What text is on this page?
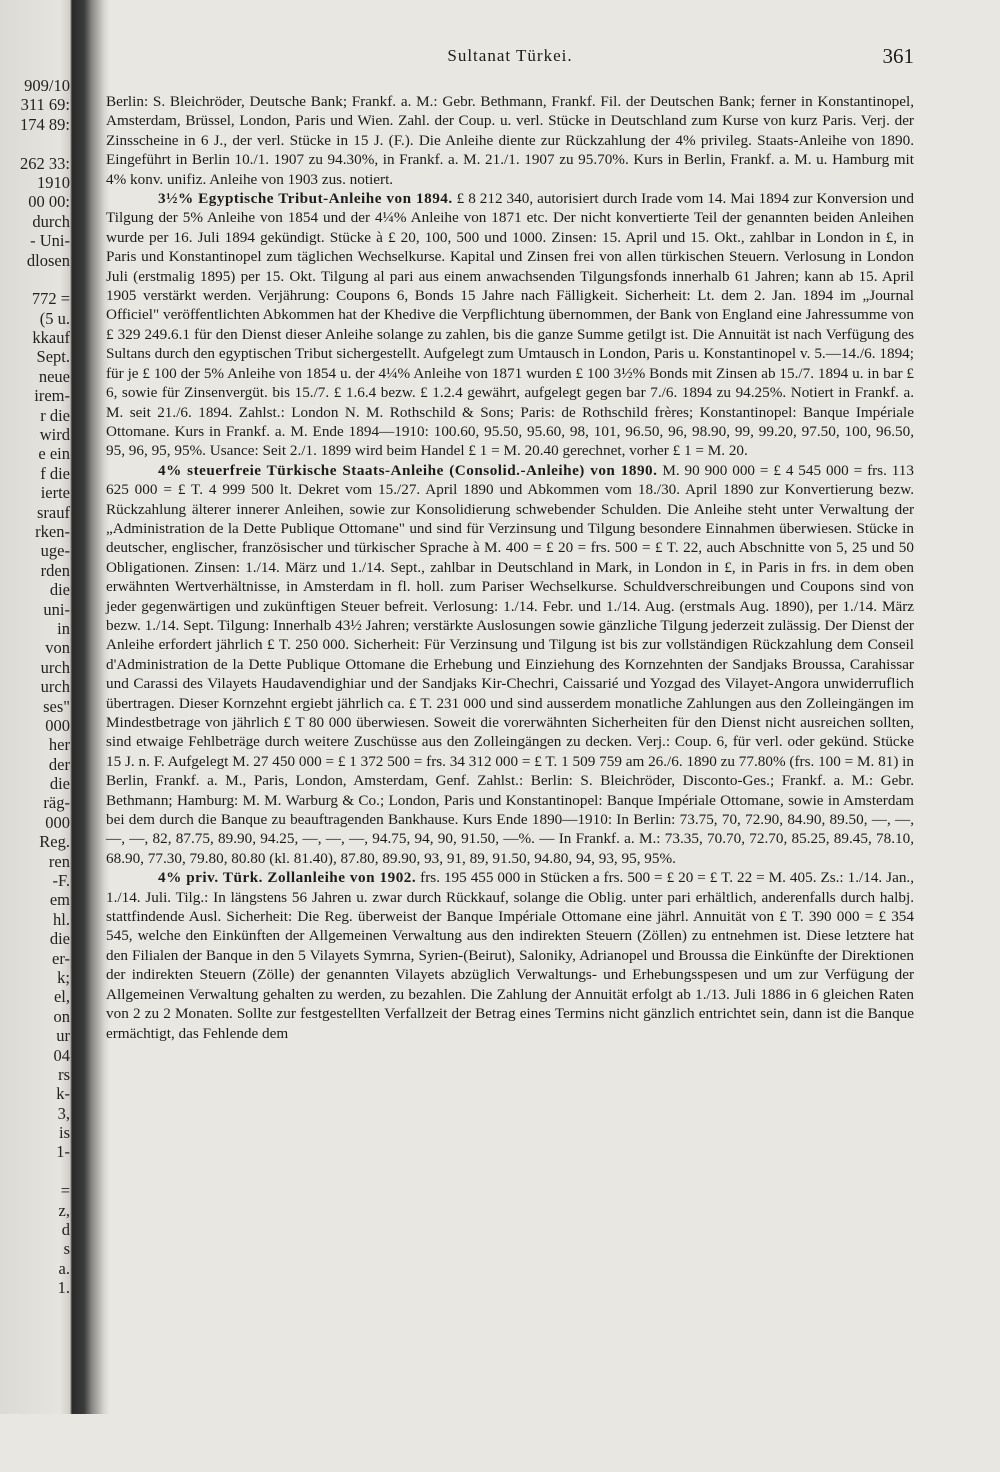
909/10
311 69:
174 89:
262 33:
1910
00 00:
durch
- Uni-
dlosen
772 =
(5 u.
kkauf
Sept.
neue
irem-
r die
wird
e ein
f die
ierte
srauf
rken-
uge-
rden
die
uni-
in
von
urch
urch
ses"
000
her
der
die
räg-
000
Reg.
ren
-F.
em
hl.
die
er-
k;
el,
on
ur
04
rs
k-
3,
is
1-
=
z,
d
s
a.
1.
Sultanat Türkei.	361

Berlin: S. Bleichröder, Deutsche Bank; Frankf. a. M.: Gebr. Bethmann, Frankf. Fil. der Deutschen Bank; ferner in Konstantinopel, Amsterdam, Brüssel, London, Paris und Wien. Zahl. der Coup. u. verl. Stücke in Deutschland zum Kurse von kurz Paris. Verj. der Zinsscheine in 6 J., der verl. Stücke in 15 J. (F.). Die Anleihe diente zur Rückzahlung der 4% privileg. Staats-Anleihe von 1890. Eingeführt in Berlin 10./1. 1907 zu 94.30%, in Frankf. a. M. 21./1. 1907 zu 95.70%. Kurs in Berlin, Frankf. a. M. u. Hamburg mit 4% konv. unifiz. Anleihe von 1903 zus. notiert.

3½% Egyptische Tribut-Anleihe von 1894. £ 8 212 340, autorisiert durch Irade vom 14. Mai 1894 zur Konversion und Tilgung der 5% Anleihe von 1854 und der 4¼% Anleihe von 1871 etc. Der nicht konvertierte Teil der genannten beiden Anleihen wurde per 16. Juli 1894 gekündigt. Stücke à £ 20, 100, 500 und 1000. Zinsen: 15. April und 15. Okt., zahlbar in London in £, in Paris und Konstantinopel zum täglichen Wechselkurse. Kapital und Zinsen frei von allen türkischen Steuern. Verlosung in London Juli (erstmalig 1895) per 15. Okt. Tilgung al pari aus einem anwachsenden Tilgungsfonds innerhalb 61 Jahren; kann ab 15. April 1905 verstärkt werden. Verjährung: Coupons 6, Bonds 15 Jahre nach Fälligkeit. Sicherheit: Lt. dem 2. Jan. 1894 im „Journal Officiel" veröffentlichten Abkommen hat der Khedive die Verpflichtung übernommen, der Bank von England eine Jahressumme von £ 329 249.6.1 für den Dienst dieser Anleihe solange zu zahlen, bis die ganze Summe getilgt ist. Die Annuität ist nach Verfügung des Sultans durch den egyptischen Tribut sichergestellt. Aufgelegt zum Umtausch in London, Paris u. Konstantinopel v. 5.—14./6. 1894; für je £ 100 der 5% Anleihe von 1854 u. der 4¼% Anleihe von 1871 wurden £ 100 3½% Bonds mit Zinsen ab 15./7. 1894 u. in bar £ 6, sowie für Zinsenvergüt. bis 15./7. £ 1.6.4 bezw. £ 1.2.4 gewährt, aufgelegt gegen bar 7./6. 1894 zu 94.25%. Notiert in Frankf. a. M. seit 21./6. 1894. Zahlst.: London N. M. Rothschild & Sons; Paris: de Rothschild frères; Konstantinopel: Banque Impériale Ottomane. Kurs in Frankf. a. M. Ende 1894—1910: 100.60, 95.50, 95.60, 98, 101, 96.50, 96, 98.90, 99, 99.20, 97.50, 100, 96.50, 95, 96, 95, 95%. Usance: Seit 2./1. 1899 wird beim Handel £ 1 = M. 20.40 gerechnet, vorher £ 1 = M. 20.

4% steuerfreie Türkische Staats-Anleihe (Consolid.-Anleihe) von 1890. M. 90 900 000 = £ 4 545 000 = frs. 113 625 000 = £ T. 4 999 500 lt. Dekret vom 15./27. April 1890 und Abkommen vom 18./30. April 1890 zur Konvertierung bezw. Rückzahlung älterer innerer Anleihen, sowie zur Konsolidierung schwebender Schulden. Die Anleihe steht unter Verwaltung der „Administration de la Dette Publique Ottomane" und sind für Verzinsung und Tilgung besondere Einnahmen überwiesen. Stücke in deutscher, englischer, französischer und türkischer Sprache à M. 400 = £ 20 = frs. 500 = £ T. 22, auch Abschnitte von 5, 25 und 50 Obligationen. Zinsen: 1./14. März und 1./14. Sept., zahlbar in Deutschland in Mark, in London in £, in Paris in frs. in dem oben erwähnten Wertverhältnisse, in Amsterdam in fl. holl. zum Pariser Wechselkurse. Schuldverschreibungen und Coupons sind von jeder gegenwärtigen und zukünftigen Steuer befreit. Verlosung: 1./14. Febr. und 1./14. Aug. (erstmals Aug. 1890), per 1./14. März bezw. 1./14. Sept. Tilgung: Innerhalb 43½ Jahren; verstärkte Auslosungen sowie gänzliche Tilgung jederzeit zulässig. Der Dienst der Anleihe erfordert jährlich £ T. 250 000. Sicherheit: Für Verzinsung und Tilgung ist bis zur vollständigen Rückzahlung dem Conseil d'Administration de la Dette Publique Ottomane die Erhebung und Einziehung des Kornzehnten der Sandjaks Broussa, Carahissar und Carassi des Vilayets Haudavendighiar und der Sandjaks Kir-Chechri, Caissarié und Yozgad des Vilayet-Angora unwiderruflich übertragen. Dieser Kornzehnt ergiebt jährlich ca. £ T. 231 000 und sind ausserdem monatliche Zahlungen aus den Zolleingängen im Mindestbetrage von jährlich £ T 80 000 überwiesen. Soweit die vorerwähnten Sicherheiten für den Dienst nicht ausreichen sollten, sind etwaige Fehlbeträge durch weitere Zuschüsse aus den Zolleingängen zu decken. Verj.: Coup. 6, für verl. oder gekünd. Stücke 15 J. n. F. Aufgelegt M. 27 450 000 = £ 1 372 500 = frs. 34 312 000 = £ T. 1 509 759 am 26./6. 1890 zu 77.80% (frs. 100 = M. 81) in Berlin, Frankf. a. M., Paris, London, Amsterdam, Genf. Zahlst.: Berlin: S. Bleichröder, Disconto-Ges.; Frankf. a. M.: Gebr. Bethmann; Hamburg: M. M. Warburg & Co.; London, Paris und Konstantinopel: Banque Impériale Ottomane, sowie in Amsterdam bei dem durch die Banque zu beauftragenden Bankhause. Kurs Ende 1890—1910: In Berlin: 73.75, 70, 72.90, 84.90, 89.50, —, —, —, —, 82, 87.75, 89.90, 94.25, —, —, —, 94.75, 94, 90, 91.50, —%. — In Frankf. a. M.: 73.35, 70.70, 72.70, 85.25, 89.45, 78.10, 68.90, 77.30, 79.80, 80.80 (kl. 81.40), 87.80, 89.90, 93, 91, 89, 91.50, 94.80, 94, 93, 95, 95%.

4% priv. Türk. Zollanleihe von 1902. frs. 195 455 000 in Stücken a frs. 500 = £ 20 = £ T. 22 = M. 405. Zs.: 1./14. Jan., 1./14. Juli. Tilg.: In längstens 56 Jahren u. zwar durch Rückkauf, solange die Oblig. unter pari erhältlich, anderenfalls durch halbj. stattfindende Ausl. Sicherheit: Die Reg. überweist der Banque Impériale Ottomane eine jährl. Annuität von £ T. 390 000 = £ 354 545, welche den Einkünften der Allgemeinen Verwaltung aus den indirekten Steuern (Zöllen) zu entnehmen ist. Diese letztere hat den Filialen der Banque in den 5 Vilayets Symrna, Syrien-(Beirut), Saloniky, Adrianopel und Broussa die Einkünfte der Direktionen der indirekten Steuern (Zölle) der genannten Vilayets abzüglich Verwaltungs- und Erhebungsspesen und um zur Verfügung der Allgemeinen Verwaltung gehalten zu werden, zu bezahlen. Die Zahlung der Annuität erfolgt ab 1./13. Juli 1886 in 6 gleichen Raten von 2 zu 2 Monaten. Sollte zur festgestellten Verfallzeit der Betrag eines Termins nicht gänzlich entrichtet sein, dann ist die Banque ermächtigt, das Fehlende dem
